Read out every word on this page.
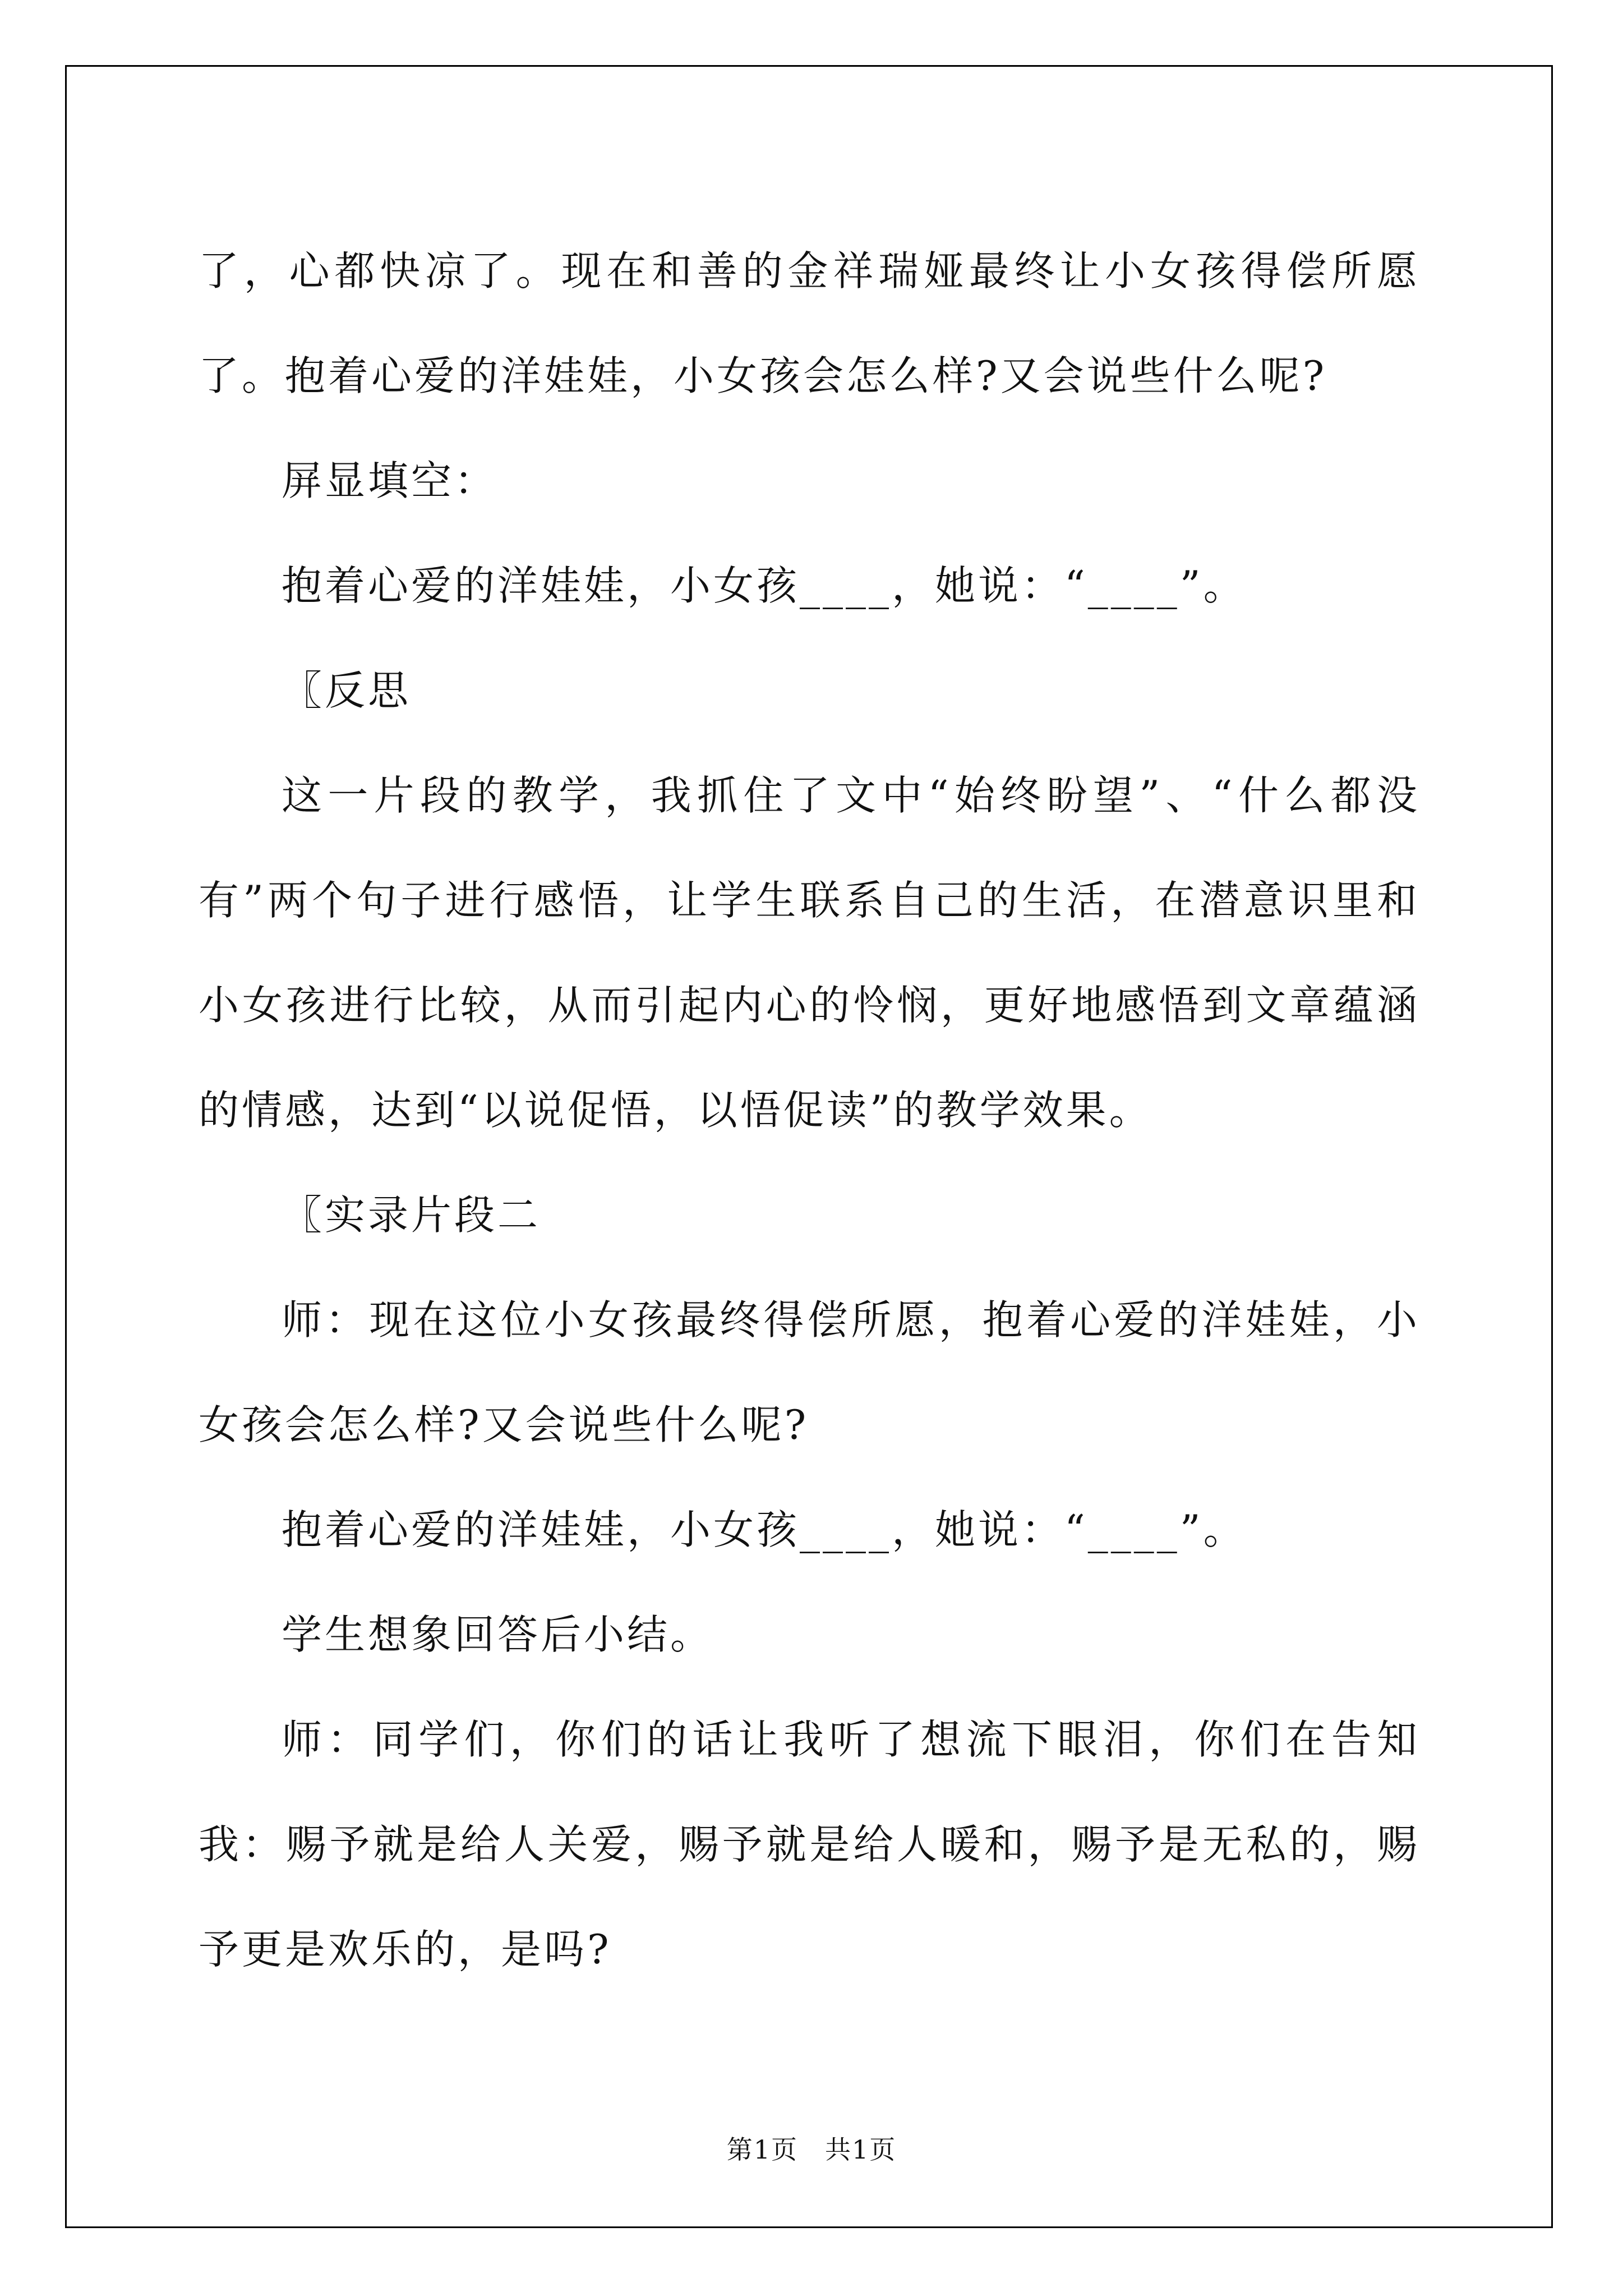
了，心都快凉了。现在和善的金祥瑞娅最终让小女孩得偿所愿了。抱着心爱的洋娃娃，小女孩会怎么样?又会说些什么呢?

屏显填空：

抱着心爱的洋娃娃，小女孩____，她说：“____”。

〖反思

这一片段的教学，我抓住了文中“始终盼望”、“什么都没有”两个句子进行感悟，让学生联系自己的生活，在潜意识里和小女孩进行比较，从而引起内心的怜悯，更好地感悟到文章蕴涵的情感，达到“以说促悟，以悟促读”的教学效果。

〖实录片段二

师：现在这位小女孩最终得偿所愿，抱着心爱的洋娃娃，小女孩会怎么样?又会说些什么呢?

抱着心爱的洋娃娃，小女孩____，她说：“____”。

学生想象回答后小结。

师：同学们，你们的话让我听了想流下眼泪，你们在告知我：赐予就是给人关爱，赐予就是给人暖和，赐予是无私的，赐予更是欢乐的，是吗?

第1页　共1页
